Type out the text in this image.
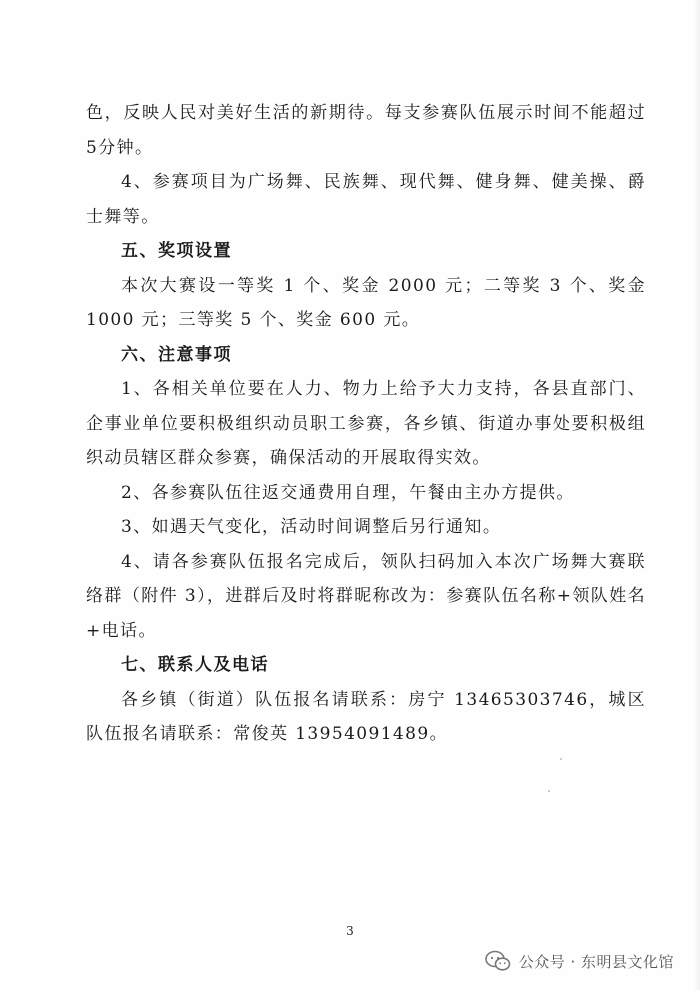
色，反映人民对美好生活的新期待。每支参赛队伍展示时间不能超过5分钟。

4、参赛项目为广场舞、民族舞、现代舞、健身舞、健美操、爵士舞等。

五、奖项设置

本次大赛设一等奖 1 个、奖金 2000 元；二等奖 3 个、奖金 1000 元；三等奖 5 个、奖金 600 元。

六、注意事项

1、各相关单位要在人力、物力上给予大力支持，各县直部门、企事业单位要积极组织动员职工参赛，各乡镇、街道办事处要积极组织动员辖区群众参赛，确保活动的开展取得实效。

2、各参赛队伍往返交通费用自理，午餐由主办方提供。

3、如遇天气变化，活动时间调整后另行通知。

4、请各参赛队伍报名完成后，领队扫码加入本次广场舞大赛联络群（附件 3），进群后及时将群昵称改为：参赛队伍名称+领队姓名+电话。

七、联系人及电话

各乡镇（街道）队伍报名请联系：房宁 13465303746，城区队伍报名请联系：常俊英 13954091489。

3
公众号 · 东明县文化馆
